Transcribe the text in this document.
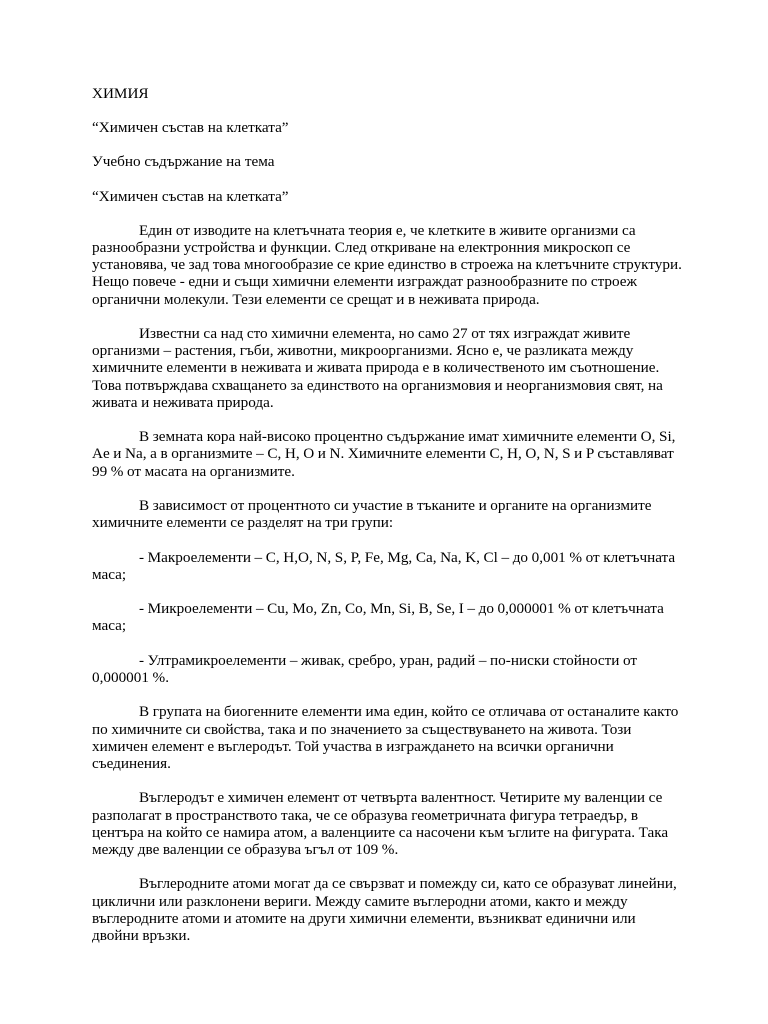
ХИМИЯ

“Химичен състав на клетката”

Учебно съдържание на тема

“Химичен състав на клетката”

Един от изводите на клетъчната теория е, че клетките в живите организми са разнообразни устройства и функции. След откриване на електронния микроскоп се установява, че зад това многообразие се крие единство в строежа на клетъчните структури. Нещо повече - едни и същи химични елементи изграждат разнообразните по строеж органични молекули. Тези елементи се срещат и в неживата природа.

Известни са над сто химични елемента, но само 27 от тях изграждат живите организми – растения, гъби, животни, микроорганизми. Ясно е, че разликата между химичните елементи в неживата и живата природа е в количественото им съотношение. Това потвърждава схващането за единството на организмовия и неорганизмовия свят, на живата и неживата природа.

В земната кора най-високо процентно съдържание имат химичните елементи O, Si, Ae и Na, а в организмите – C, H, O и N. Химичните елементи C, H, O, N, S и P съставляват 99 % от масата на организмите.

В зависимост от процентното си участие в тъканите и органите на организмите химичните елементи се разделят на три групи:

- Макроелементи – C, H,O, N, S, P, Fe, Mg, Ca, Na, K, Cl – до 0,001 % от клетъчната маса;

- Микроелементи – Cu, Mo, Zn, Co, Mn, Si, B, Se, I – до 0,000001 % от клетъчната маса;

- Ултрамикроелементи – живак, сребро, уран, радий – по-ниски стойности от 0,000001 %.

В групата на биогенните елементи има един, който се отличава от останалите както по химичните си свойства, така и по значението за съществуването на живота. Този химичен елемент е въглеродът. Той участва в изграждането на всички органични съединения.

Въглеродът е химичен елемент от четвърта валентност. Четирите му валенции се разполагат в пространството така, че се образува геометричната фигура тетраедър, в центъра на който се намира атом, а валенциите са насочени към ъглите на фигурата. Така между две валенции се образува ъгъл от 109 %.

Въглеродните атоми могат да се свързват и помежду си, като се образуват линейни, циклични или разклонени вериги. Между самите въглеродни атоми, както и между въглеродните атоми и атомите на други химични елементи, възникват единични или двойни връзки.
